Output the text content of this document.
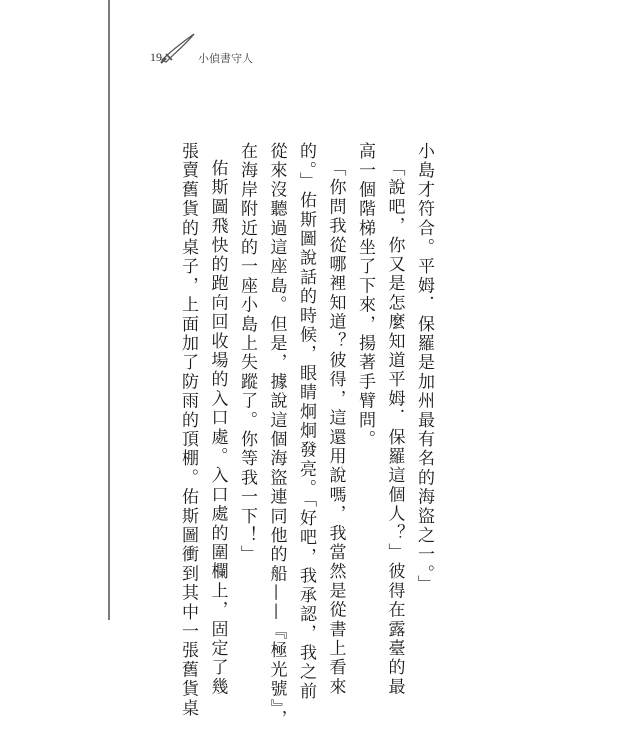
19	小偵書守人

小島才符合。平姆．保羅是加州最有名的海盜之一。」

「說吧，你又是怎麼知道平姆．保羅這個人？」彼得在露臺的最

高一個階梯坐了下來，揚著手臂問。

「你問我從哪裡知道？彼得，這還用說嗎，我當然是從書上看來

的。」佑斯圖說話的時候，眼睛炯炯發亮。「好吧，我承認，我之前

從來沒聽過這座島。但是，據說這個海盜連同他的船——『極光號』，

在海岸附近的一座小島上失蹤了。你等我一下！」

佑斯圖飛快的跑向回收場的入口處。入口處的圍欄上，固定了幾

張賣舊貨的桌子，上面加了防雨的頂棚。佑斯圖衝到其中一張舊貨桌
